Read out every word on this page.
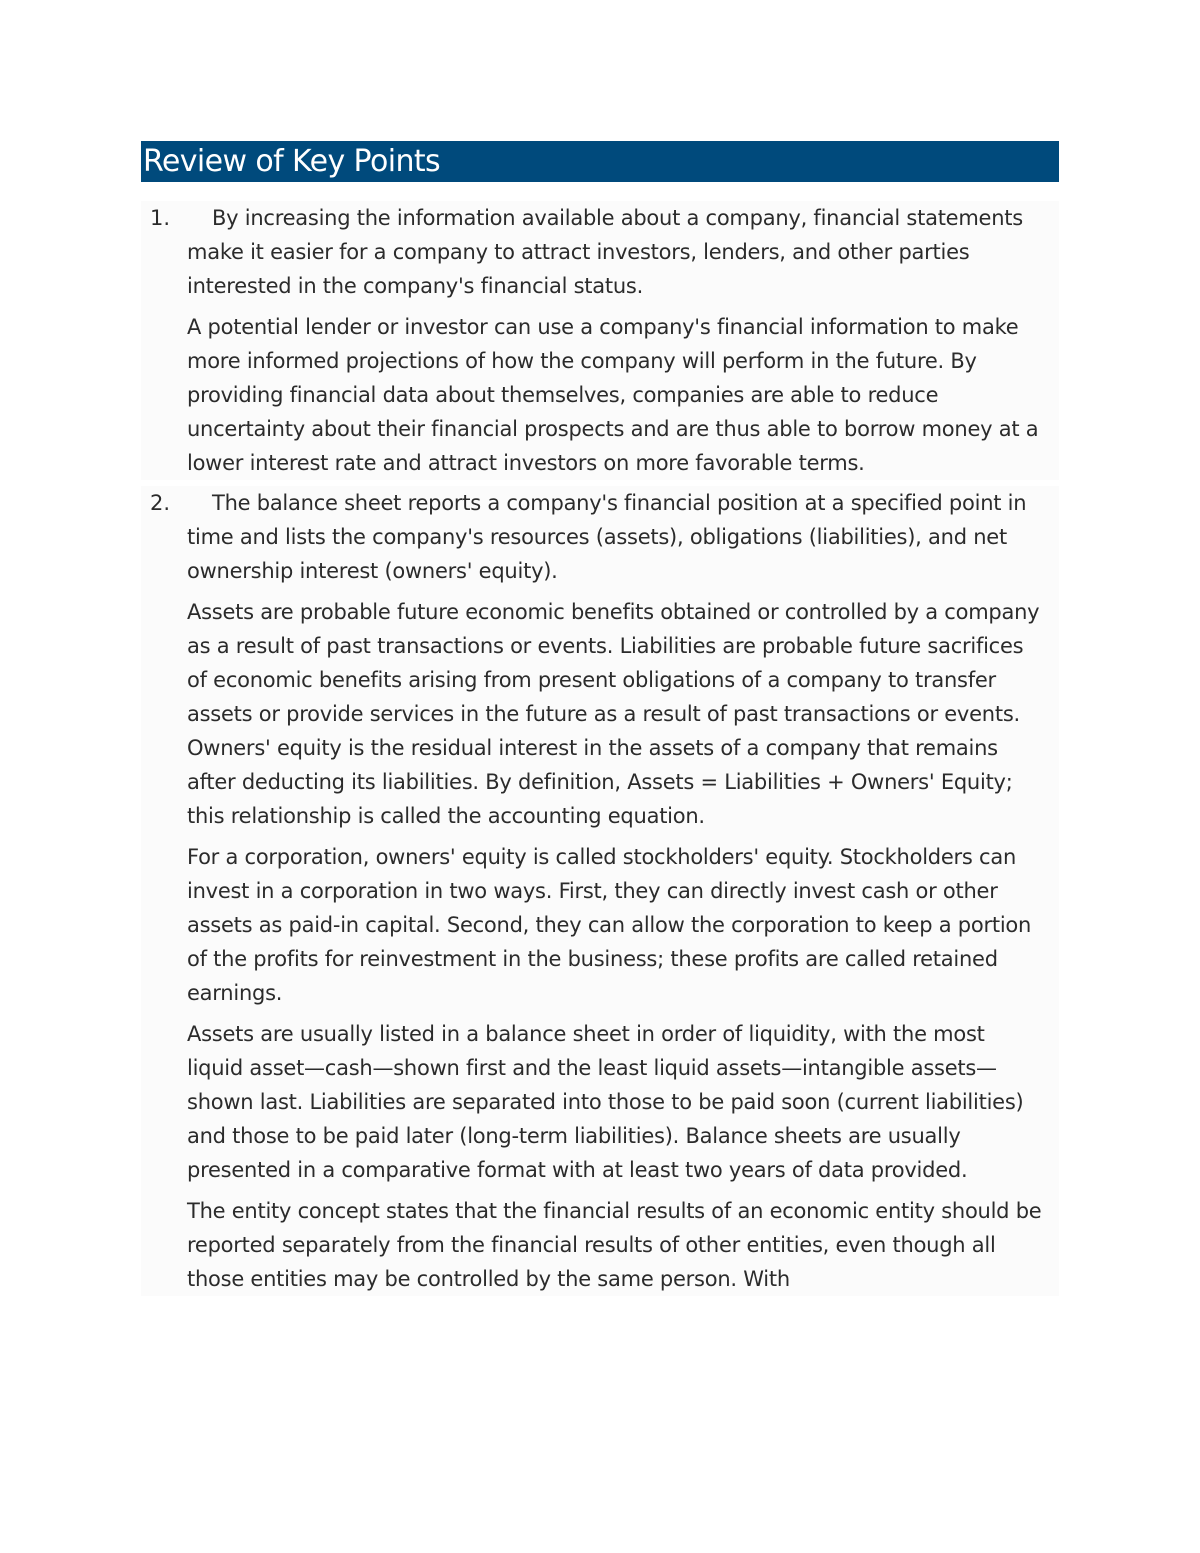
Review of Key Points
1.	By increasing the information available about a company, financial statements make it easier for a company to attract investors, lenders, and other parties interested in the company's financial status.

A potential lender or investor can use a company's financial information to make more informed projections of how the company will perform in the future. By providing financial data about themselves, companies are able to reduce uncertainty about their financial prospects and are thus able to borrow money at a lower interest rate and attract investors on more favorable terms.

2.	The balance sheet reports a company's financial position at a specified point in time and lists the company's resources (assets), obligations (liabilities), and net ownership interest (owners' equity).

Assets are probable future economic benefits obtained or controlled by a company as a result of past transactions or events. Liabilities are probable future sacrifices of economic benefits arising from present obligations of a company to transfer assets or provide services in the future as a result of past transactions or events. Owners' equity is the residual interest in the assets of a company that remains after deducting its liabilities. By definition, Assets = Liabilities + Owners' Equity; this relationship is called the accounting equation.

For a corporation, owners' equity is called stockholders' equity. Stockholders can invest in a corporation in two ways. First, they can directly invest cash or other assets as paid-in capital. Second, they can allow the corporation to keep a portion of the profits for reinvestment in the business; these profits are called retained earnings.

Assets are usually listed in a balance sheet in order of liquidity, with the most liquid asset—cash—shown first and the least liquid assets—intangible assets—shown last. Liabilities are separated into those to be paid soon (current liabilities) and those to be paid later (long-term liabilities). Balance sheets are usually presented in a comparative format with at least two years of data provided.

The entity concept states that the financial results of an economic entity should be reported separately from the financial results of other entities, even though all those entities may be controlled by the same person. With
